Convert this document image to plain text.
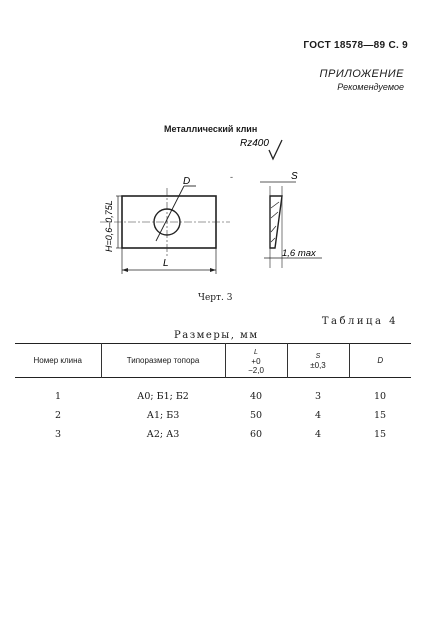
ГОСТ 18578—89 С. 9
ПРИЛОЖЕНИЕ
Рекомендуемое
Металлический клин
Rz400
D
H=0,6–0,75L
L
S
1,6 max
-
Черт. 3
Таблица 4
Размеры, мм
Номер клина	Типоразмер топора	L
+0
−2,0	S
±0,3	D
1	А0; Б1; Б2	40	3	10
2	А1; Б3	50	4	15
3	А2; А3	60	4	15
